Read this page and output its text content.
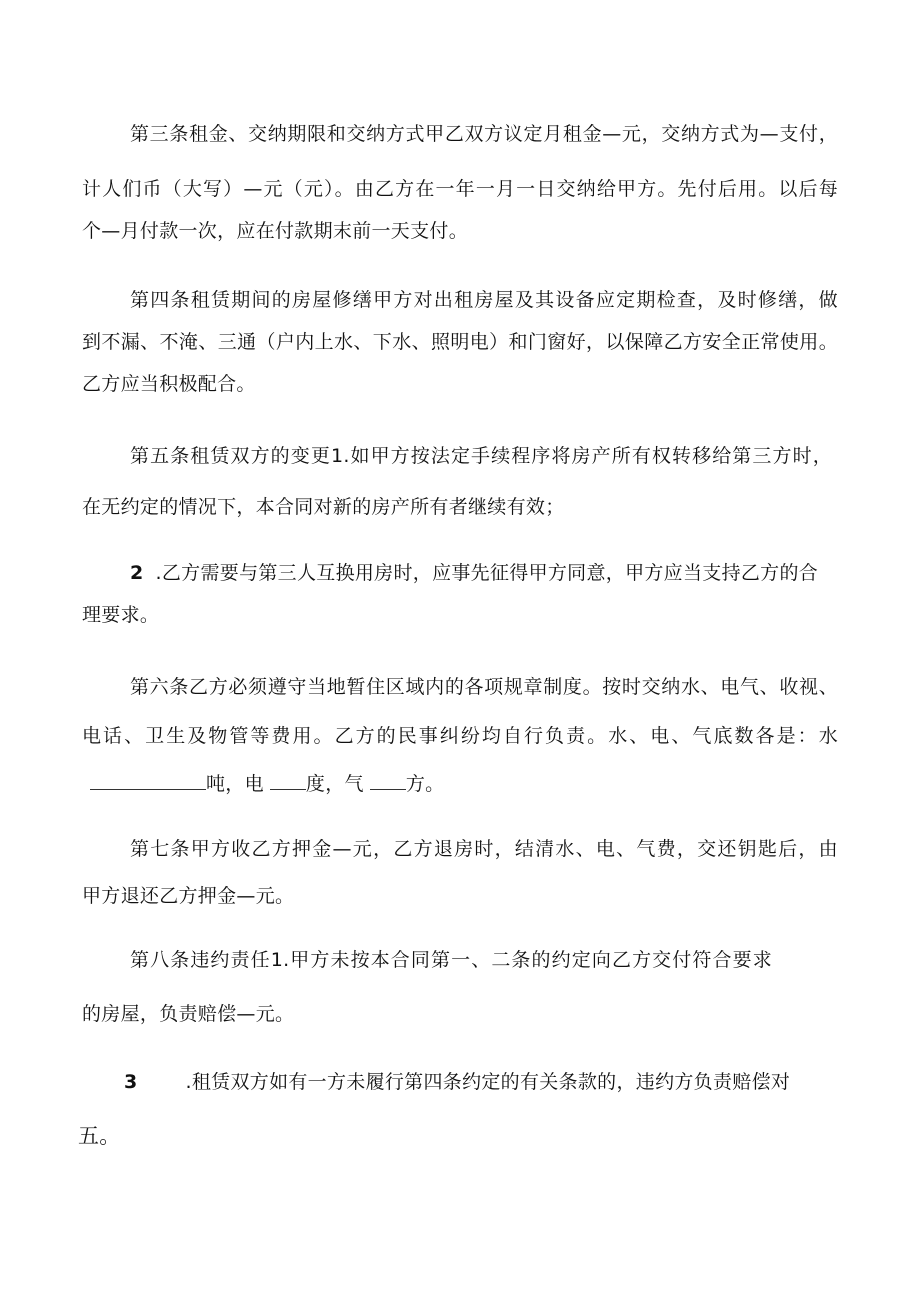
第三条租金、交纳期限和交纳方式甲乙双方议定月租金—元，交纳方式为—支付，
计人们币（大写）—元（元）。由乙方在一年一月一日交纳给甲方。先付后用。以后每
个—月付款一次，应在付款期末前一天支付。
第四条租赁期间的房屋修缮甲方对出租房屋及其设备应定期检查，及时修缮，做
到不漏、不淹、三通（户内上水、下水、照明电）和门窗好，以保障乙方安全正常使用。
乙方应当积极配合。
第五条租赁双方的变更1.如甲方按法定手续程序将房产所有权转移给第三方时，
在无约定的情况下，本合同对新的房产所有者继续有效；
2 .乙方需要与第三人互换用房时，应事先征得甲方同意，甲方应当支持乙方的合
理要求。
第六条乙方必须遵守当地暂住区域内的各项规章制度。按时交纳水、电气、收视、
电话、卫生及物管等费用。乙方的民事纠纷均自行负责。水、电、气底数各是：水
吨，电 度，气 方。
第七条甲方收乙方押金—元，乙方退房时，结清水、电、气费，交还钥匙后，由
甲方退还乙方押金—元。
第八条违约责任1.甲方未按本合同第一、二条的约定向乙方交付符合要求
的房屋，负责赔偿—元。
3	.租赁双方如有一方未履行第四条约定的有关条款的，违约方负责赔偿对
五。
